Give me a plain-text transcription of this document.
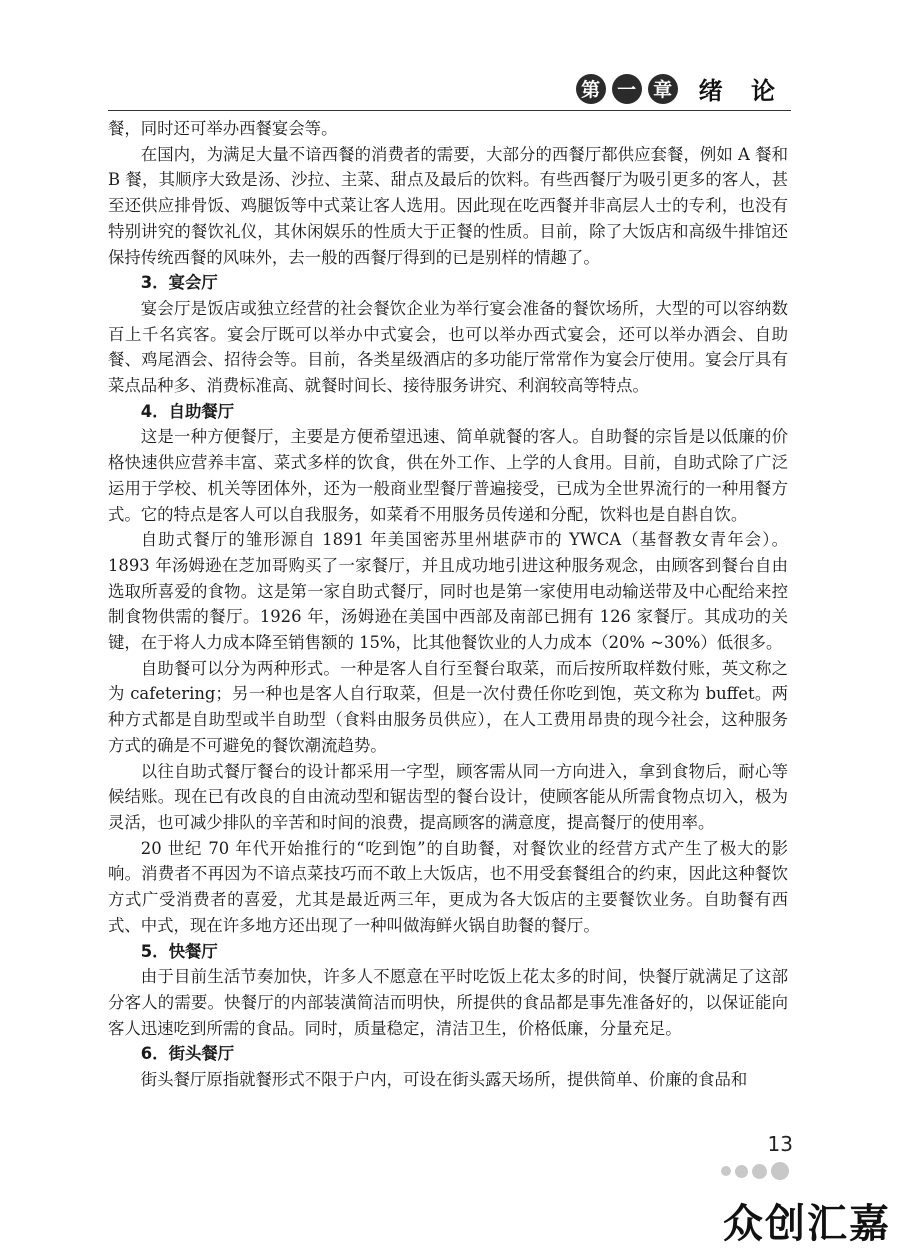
第 一 章 绪 论

餐，同时还可举办西餐宴会等。

在国内，为满足大量不谙西餐的消费者的需要，大部分的西餐厅都供应套餐，例如 A 餐和 B 餐，其顺序大致是汤、沙拉、主菜、甜点及最后的饮料。有些西餐厅为吸引更多的客人，甚至还供应排骨饭、鸡腿饭等中式菜让客人选用。因此现在吃西餐并非高层人士的专利，也没有特别讲究的餐饮礼仪，其休闲娱乐的性质大于正餐的性质。目前，除了大饭店和高级牛排馆还保持传统西餐的风味外，去一般的西餐厅得到的已是别样的情趣了。

3．宴会厅

宴会厅是饭店或独立经营的社会餐饮企业为举行宴会准备的餐饮场所，大型的可以容纳数百上千名宾客。宴会厅既可以举办中式宴会，也可以举办西式宴会，还可以举办酒会、自助餐、鸡尾酒会、招待会等。目前，各类星级酒店的多功能厅常常作为宴会厅使用。宴会厅具有菜点品种多、消费标准高、就餐时间长、接待服务讲究、利润较高等特点。

4．自助餐厅

这是一种方便餐厅，主要是方便希望迅速、简单就餐的客人。自助餐的宗旨是以低廉的价格快速供应营养丰富、菜式多样的饮食，供在外工作、上学的人食用。目前，自助式除了广泛运用于学校、机关等团体外，还为一般商业型餐厅普遍接受，已成为全世界流行的一种用餐方式。它的特点是客人可以自我服务，如菜肴不用服务员传递和分配，饮料也是自斟自饮。

自助式餐厅的雏形源自 1891 年美国密苏里州堪萨市的 YWCA（基督教女青年会）。1893 年汤姆逊在芝加哥购买了一家餐厅，并且成功地引进这种服务观念，由顾客到餐台自由选取所喜爱的食物。这是第一家自助式餐厅，同时也是第一家使用电动输送带及中心配给来控制食物供需的餐厅。1926 年，汤姆逊在美国中西部及南部已拥有 126 家餐厅。其成功的关键，在于将人力成本降至销售额的 15%，比其他餐饮业的人力成本（20% ~30%）低很多。

自助餐可以分为两种形式。一种是客人自行至餐台取菜，而后按所取样数付账，英文称之为 cafetering；另一种也是客人自行取菜，但是一次付费任你吃到饱，英文称为 buffet。两种方式都是自助型或半自助型（食料由服务员供应），在人工费用昂贵的现今社会，这种服务方式的确是不可避免的餐饮潮流趋势。

以往自助式餐厅餐台的设计都采用一字型，顾客需从同一方向进入，拿到食物后，耐心等候结账。现在已有改良的自由流动型和锯齿型的餐台设计，使顾客能从所需食物点切入，极为灵活，也可减少排队的辛苦和时间的浪费，提高顾客的满意度，提高餐厅的使用率。

20 世纪 70 年代开始推行的“吃到饱”的自助餐，对餐饮业的经营方式产生了极大的影响。消费者不再因为不谙点菜技巧而不敢上大饭店，也不用受套餐组合的约束，因此这种餐饮方式广受消费者的喜爱，尤其是最近两三年，更成为各大饭店的主要餐饮业务。自助餐有西式、中式，现在许多地方还出现了一种叫做海鲜火锅自助餐的餐厅。

5．快餐厅

由于目前生活节奏加快，许多人不愿意在平时吃饭上花太多的时间，快餐厅就满足了这部分客人的需要。快餐厅的内部装潢简洁而明快，所提供的食品都是事先准备好的，以保证能向客人迅速吃到所需的食品。同时，质量稳定，清洁卫生，价格低廉，分量充足。

6．街头餐厅

街头餐厅原指就餐形式不限于户内，可设在街头露天场所，提供简单、价廉的食品和

13
众创汇嘉
